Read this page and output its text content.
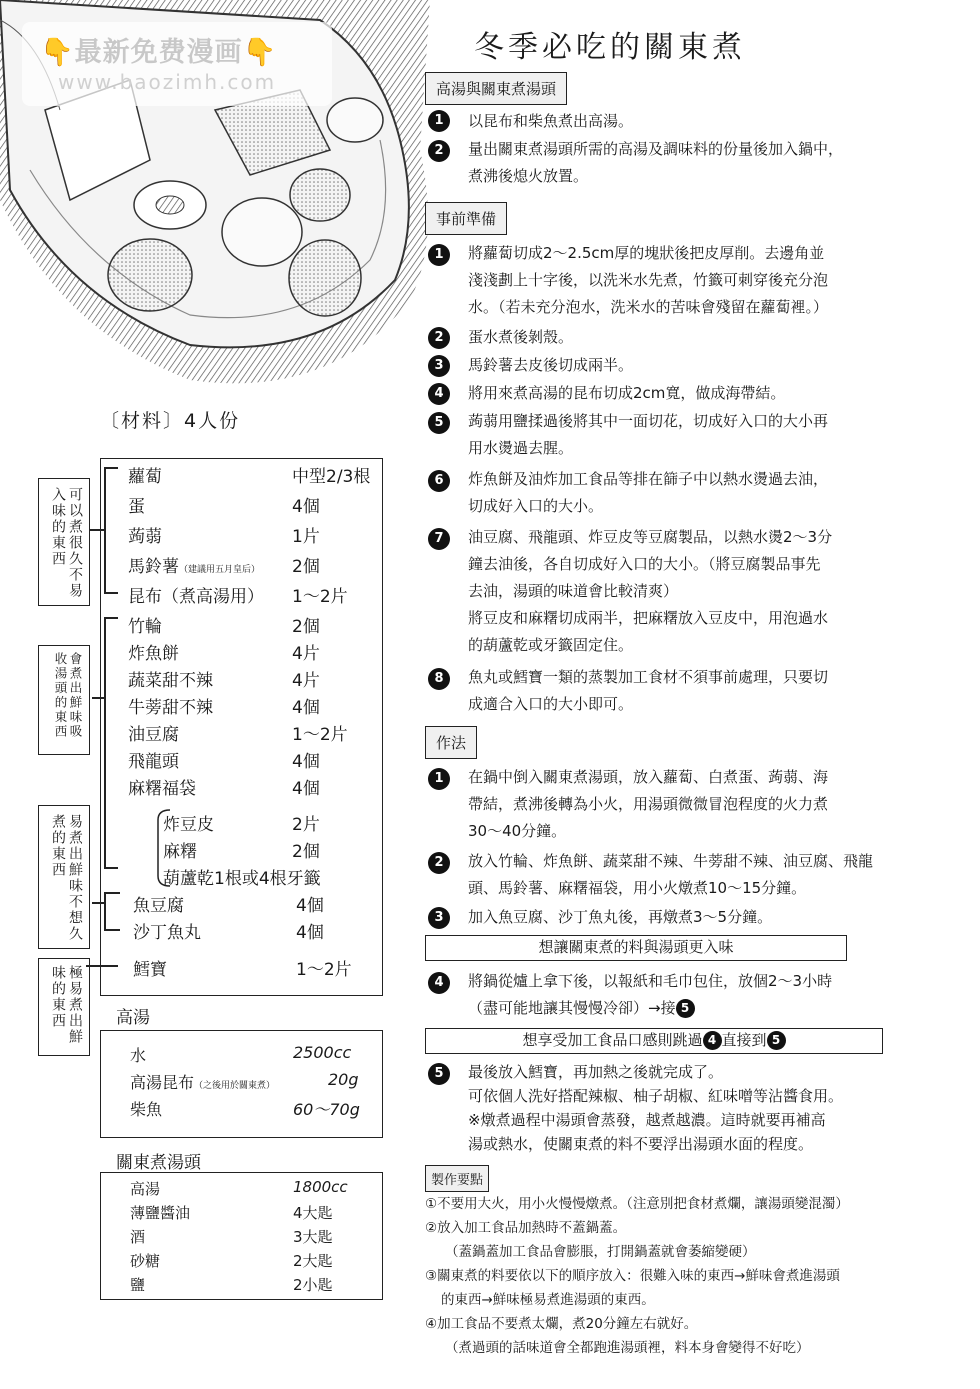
👇最新免费漫画👇
www.baozimh.com
冬季必吃的關東煮
高湯與關東煮湯頭
1	以昆布和柴魚煮出高湯。
2	量出關東煮湯頭所需的高湯及調味料的份量後加入鍋中，
煮沸後熄火放置。
事前準備
1	將蘿蔔切成2～2.5cm厚的塊狀後把皮厚削。去邊角並
淺淺劃上十字後，以洗米水先煮，竹籤可刺穿後充分泡
水。（若未充分泡水，洗米水的苦味會殘留在蘿蔔裡。）
2	蛋水煮後剝殼。
3	馬鈴薯去皮後切成兩半。
4	將用來煮高湯的昆布切成2cm寬，做成海帶結。
5	蒟蒻用鹽揉過後將其中一面切花，切成好入口的大小再
用水燙過去腥。
6	炸魚餅及油炸加工食品等排在篩子中以熱水燙過去油，
切成好入口的大小。
7	油豆腐、飛龍頭、炸豆皮等豆腐製品，以熱水燙2～3分
鐘去油後，各自切成好入口的大小。（將豆腐製品事先
去油，湯頭的味道會比較清爽）
將豆皮和麻糬切成兩半，把麻糬放入豆皮中，用泡過水
的葫蘆乾或牙籤固定住。
8	魚丸或鱈寶一類的蒸製加工食材不須事前處理，只要切
成適合入口的大小即可。
作法
1	在鍋中倒入關東煮湯頭，放入蘿蔔、白煮蛋、蒟蒻、海
帶結，煮沸後轉為小火，用湯頭微微冒泡程度的火力煮
30～40分鐘。
2	放入竹輪、炸魚餅、蔬菜甜不辣、牛蒡甜不辣、油豆腐、飛龍
頭、馬鈴薯、麻糬福袋，用小火燉煮10～15分鐘。
3	加入魚豆腐、沙丁魚丸後，再燉煮3～5分鐘。
想讓關東煮的料與湯頭更入味
4	將鍋從爐上拿下後，以報紙和毛巾包住，放個2～3小時
（盡可能地讓其慢慢冷卻）→接 5
想享受加工食品口感則跳過 4 直接到 5
5	最後放入鱈寶，再加熱之後就完成了。
可依個人洗好搭配辣椒、柚子胡椒、紅味噌等沾醬食用。
※燉煮過程中湯頭會蒸發，越煮越濃。這時就要再補高
湯或熱水，使關東煮的料不要浮出湯頭水面的程度。
製作要點
①不要用大火，用小火慢慢燉煮。（注意別把食材煮爛，讓湯頭變混濁）
②放入加工食品加熱時不蓋鍋蓋。
（蓋鍋蓋加工食品會膨脹，打開鍋蓋就會萎縮變硬）
③關東煮的料要依以下的順序放入：很難入味的東西→鮮味會煮進湯頭
的東西→鮮味極易煮進湯頭的東西。
④加工食品不要煮太爛，煮20分鐘左右就好。
（煮過頭的話味道會全都跑進湯頭裡，料本身會變得不好吃）
〔材料〕4人份
可以煮很久不易入味的東西
會煮出鮮味吸收湯頭的東西
易煮出鮮味不想久煮的東西
極易煮出鮮味的東西
蘿蔔	中型2/3根
蛋	4個
蒟蒻	1片
馬鈴薯（建議用五月皇后） 2個
昆布（煮高湯用） 1～2片
竹輪	2個
炸魚餅	4片
蔬菜甜不辣	4片
牛蒡甜不辣	4個
油豆腐	1～2片
飛龍頭	4個
麻糬福袋	4個
炸豆皮	2片
麻糬	2個
葫蘆乾1根或4根牙籤
魚豆腐	4個
沙丁魚丸	4個
鱈寶	1～2片
高湯
水	2500cc
高湯昆布（之後用於關東煮）	20g
柴魚	60～70g
關東煮湯頭
高湯	1800cc
薄鹽醬油	4大匙
酒	3大匙
砂糖	2大匙
鹽	2小匙
